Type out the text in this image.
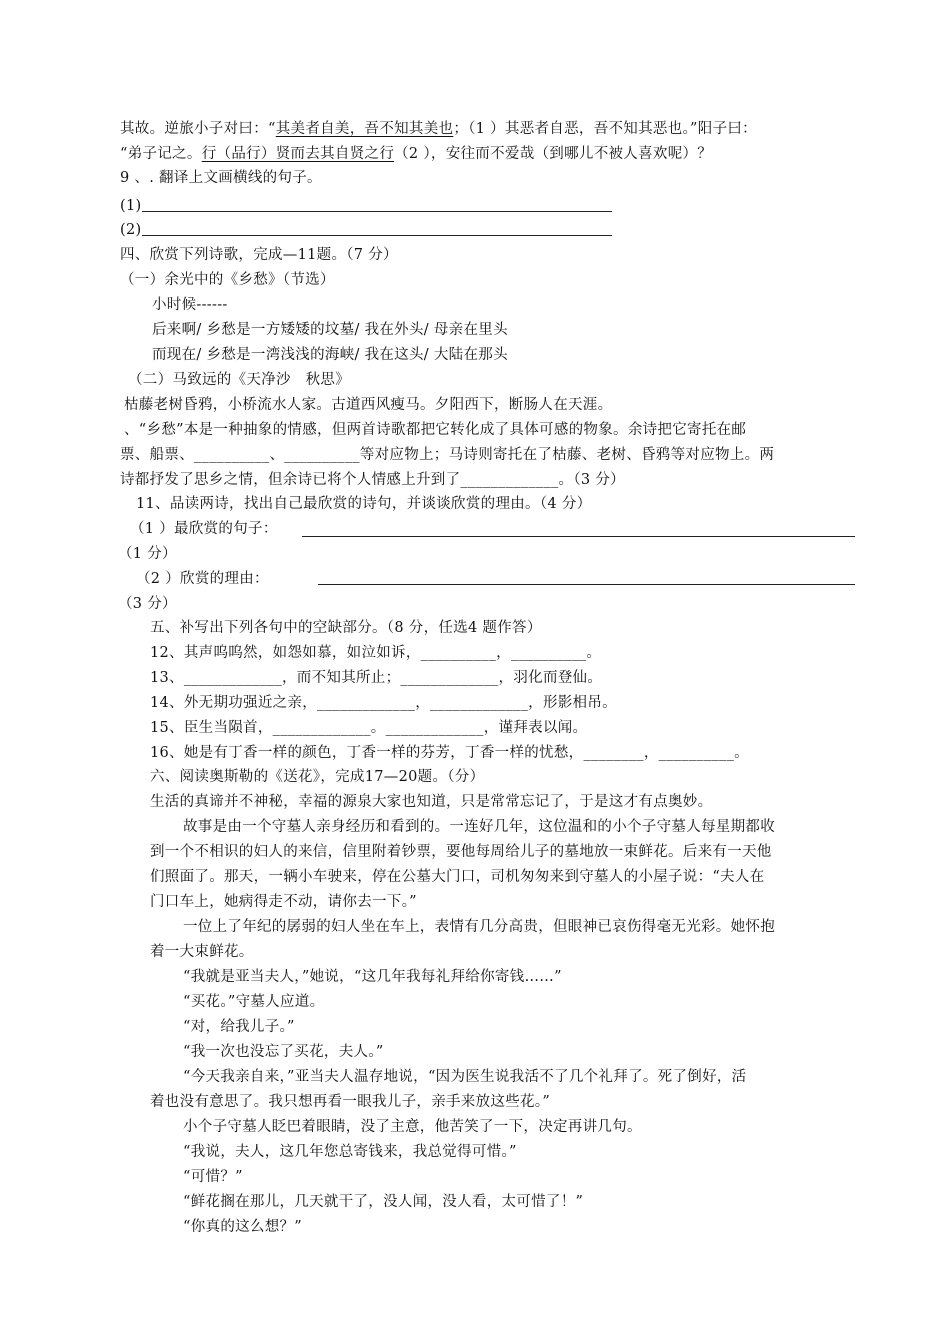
其故。逆旅小子对曰：“其美者自美，吾不知其美也；（1 ）其恶者自恶，吾不知其恶也。”阳子曰：
“弟子记之。行（品行）贤而去其自贤之行（2 ），安往而不爱哉（到哪儿不被人喜欢呢）？
9 、. 翻译上文画横线的句子。
(1)
(2)
四、欣赏下列诗歌，完成—11题。（7 分）
（一）余光中的《乡愁》（节选）
小时候------
后来啊/ 乡愁是一方矮矮的坟墓/ 我在外头/ 母亲在里头
而现在/ 乡愁是一湾浅浅的海峡/ 我在这头/ 大陆在那头
（二）马致远的《天净沙　秋思》
枯藤老树昏鸦，小桥流水人家。古道西风瘦马。夕阳西下，断肠人在天涯。
、“乡愁”本是一种抽象的情感，但两首诗歌都把它转化成了具体可感的物象。余诗把它寄托在邮
票、船票、__________、__________等对应物上；马诗则寄托在了枯藤、老树、昏鸦等对应物上。两
诗都抒发了思乡之情，但余诗已将个人情感上升到了_____________。（3 分）
11、品读两诗，找出自己最欣赏的诗句，并谈谈欣赏的理由。（4 分）
（1 ）最欣赏的句子：
（1 分）
（2 ）欣赏的理由：
（3 分）
五、补写出下列各句中的空缺部分。（8 分，任选4 题作答）
12、其声呜呜然，如怨如慕，如泣如诉，__________，__________。
13、_____________，而不知其所止；_____________，羽化而登仙。
14、外无期功强近之亲，_____________，_____________，形影相吊。
15、臣生当陨首，_____________。_____________，谨拜表以闻。
16、她是有丁香一样的颜色，丁香一样的芬芳，丁香一样的忧愁，________，__________。
六、阅读奥斯勒的《送花》，完成17—20题。（分）
生活的真谛并不神秘，幸福的源泉大家也知道，只是常常忘记了，于是这才有点奥妙。
故事是由一个守墓人亲身经历和看到的。一连好几年，这位温和的小个子守墓人每星期都收
到一个不相识的妇人的来信，信里附着钞票，要他每周给儿子的墓地放一束鲜花。后来有一天他
们照面了。那天，一辆小车驶来，停在公墓大门口，司机匆匆来到守墓人的小屋子说：“夫人在
门口车上，她病得走不动，请你去一下。”
一位上了年纪的孱弱的妇人坐在车上，表情有几分高贵，但眼神已哀伤得毫无光彩。她怀抱
着一大束鲜花。
“我就是亚当夫人，”她说，“这几年我每礼拜给你寄钱……”
“买花。”守墓人应道。
“对，给我儿子。”
“我一次也没忘了买花，夫人。”
“今天我亲自来，”亚当夫人温存地说，“因为医生说我活不了几个礼拜了。死了倒好，活
着也没有意思了。我只想再看一眼我儿子，亲手来放这些花。”
小个子守墓人眨巴着眼睛，没了主意，他苦笑了一下，决定再讲几句。
“我说，夫人，这几年您总寄钱来，我总觉得可惜。”
“可惜？”
“鲜花搁在那儿，几天就干了，没人闻，没人看，太可惜了！”
“你真的这么想？”
